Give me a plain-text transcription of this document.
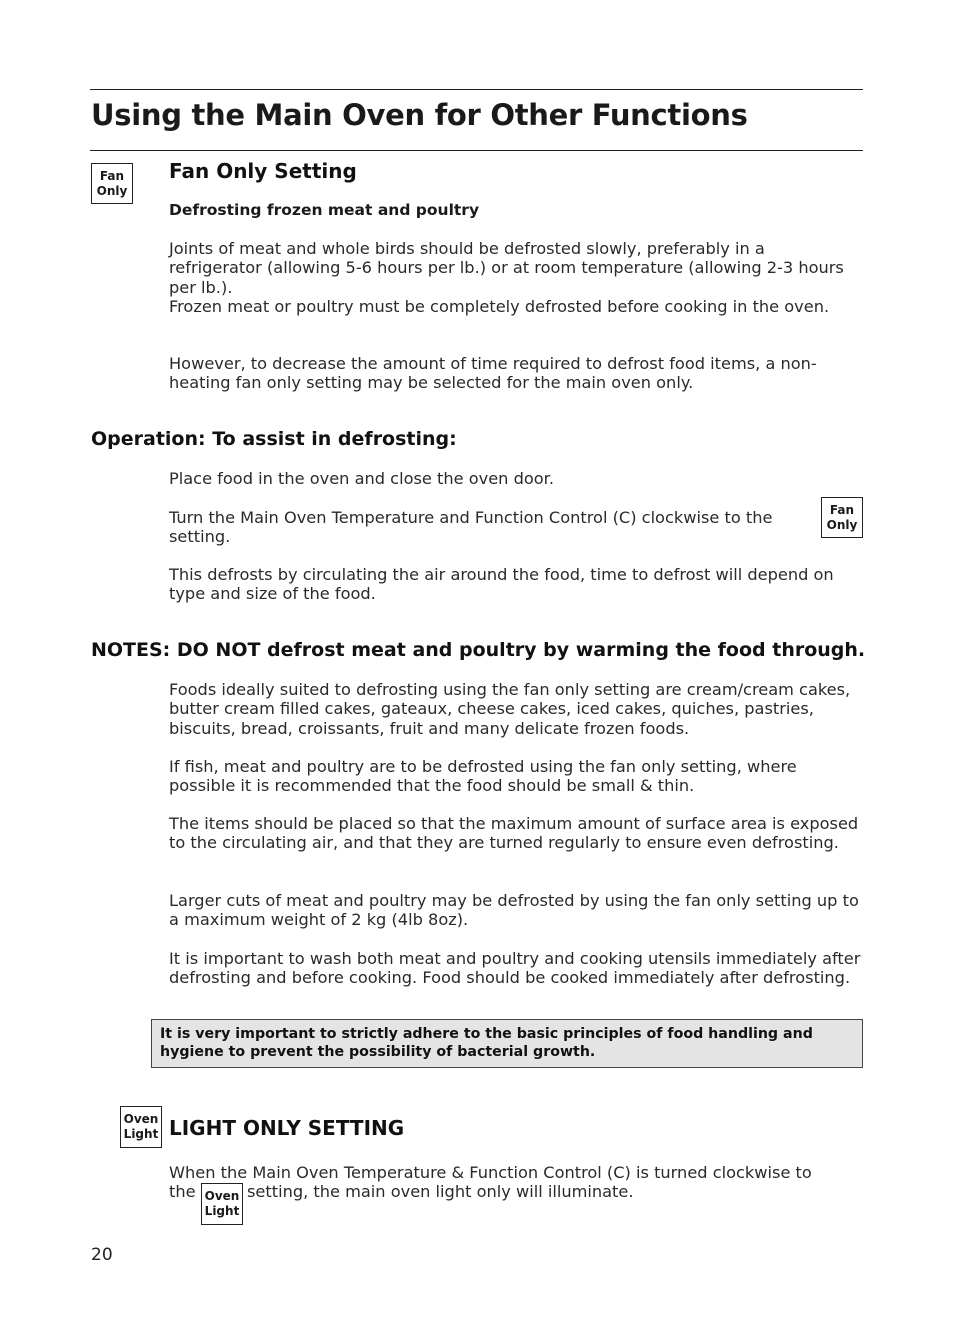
Using the Main Oven for Other Functions
Fan
Only
Fan Only Setting
Defrosting frozen meat and poultry

Joints of meat and whole birds should be defrosted slowly, preferably in a refrigerator (allowing 5-6 hours per lb.) or at room temperature (allowing 2-3 hours per lb.).

Frozen meat or poultry must be completely defrosted before cooking in the oven.

However, to decrease the amount of time required to defrost food items, a non- heating fan only setting may be selected for the main oven only.

Operation: To assist in defrosting:

Place food in the oven and close the oven door.

Turn the Main Oven Temperature and Function Control (C) clockwise to the setting.

Fan
Only

This defrosts by circulating the air around the food, time to defrost will depend on type and size of the food.

NOTES: DO NOT defrost meat and poultry by warming the food through.

Foods ideally suited to defrosting using the fan only setting are cream/cream cakes, butter cream filled cakes, gateaux, cheese cakes, iced cakes, quiches, pastries, biscuits, bread, croissants, fruit and many delicate frozen foods.

If fish, meat and poultry are to be defrosted using the fan only setting, where possible it is recommended that the food should be small & thin.

The items should be placed so that the maximum amount of surface area is exposed to the circulating air, and that they are turned regularly to ensure even defrosting.

Larger cuts of meat and poultry may be defrosted by using the fan only setting up to a maximum weight of 2 kg (4lb 8oz).

It is important to wash both meat and poultry and cooking utensils immediately after defrosting and before cooking. Food should be cooked immediately after defrosting.

It is very important to strictly adhere to the basic principles of food handling and hygiene to prevent the possibility of bacterial growth.
Oven
Light LIGHT ONLY SETTING

When the Main Oven Temperature & Function Control (C) is turned clockwise to

the Oven
Light
setting, the main oven light only will illuminate.
20
